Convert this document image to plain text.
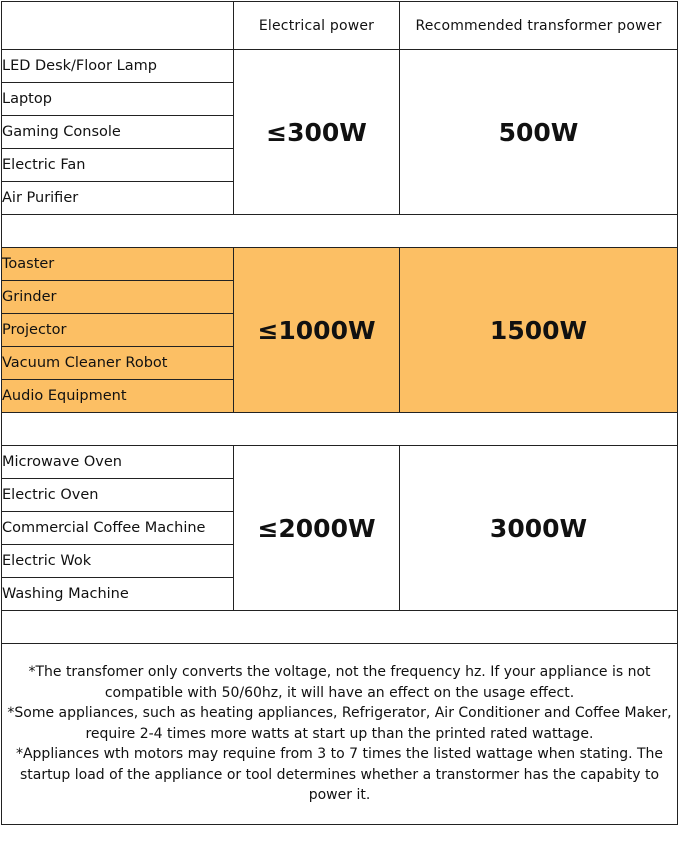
	Electrical power	Recommended transformer power
LED Desk/Floor Lamp	≤300W	500W
Laptop		
Gaming Console		
Electric Fan		
Air Purifier		

Toaster	≤1000W	1500W
Grinder		
Projector		
Vacuum Cleaner Robot		
Audio Equipment		

Microwave Oven	≤2000W	3000W
Electric Oven		
Commercial Coffee Machine		
Electric Wok		
Washing Machine		

*The transfomer only converts the voltage, not the frequency hz. If your appliance is not compatible with 50/60hz, it will have an effect on the usage effect.

*Some appliances, such as heating appliances, Refrigerator, Air Conditioner and Coffee Maker, require 2-4 times more watts at start up than the printed rated wattage.

*Appliances wth motors may requine from 3 to 7 times the listed wattage when stating. The startup load of the appliance or tool determines whether a transtormer has the capabity to power it.		
